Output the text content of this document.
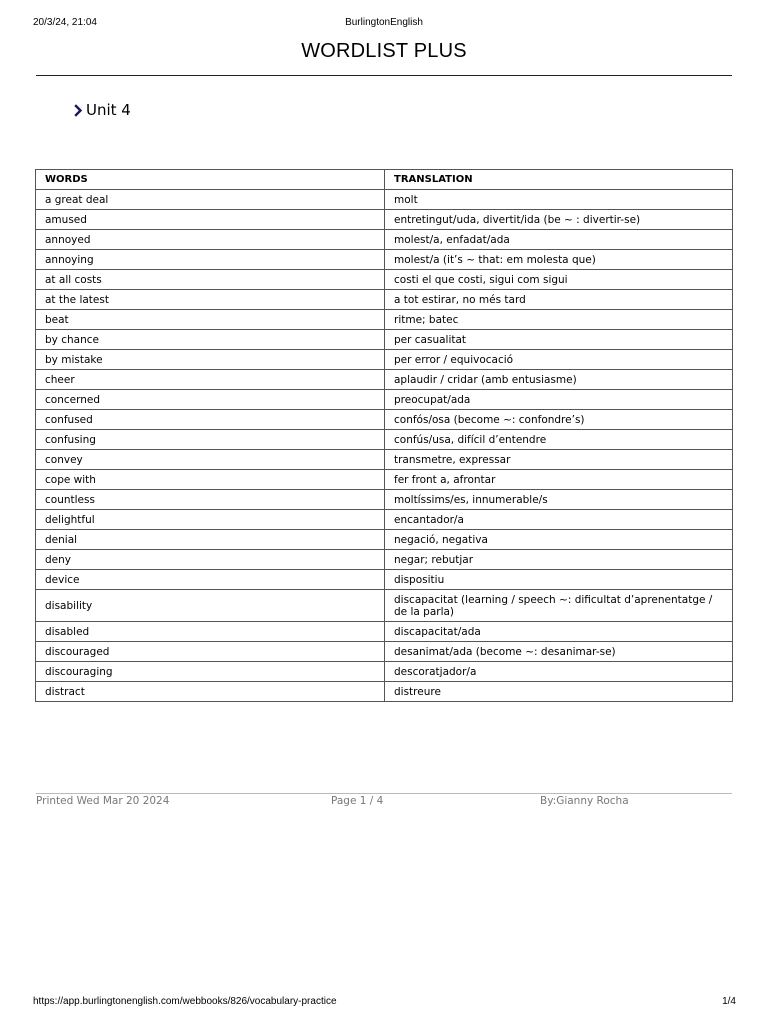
20/3/24, 21:04	BurlingtonEnglish
WORDLIST PLUS
Unit 4
WORDS	TRANSLATION
a great deal	molt
amused	entretingut/uda, divertit/ida (be ~ : divertir-se)
annoyed	molest/a, enfadat/ada
annoying	molest/a (it’s ~ that: em molesta que)
at all costs	costi el que costi, sigui com sigui
at the latest	a tot estirar, no més tard
beat	ritme; batec
by chance	per casualitat
by mistake	per error / equivocació
cheer	aplaudir / cridar (amb entusiasme)
concerned	preocupat/ada
confused	confós/osa (become ~: confondre’s)
confusing	confús/usa, difícil d’entendre
convey	transmetre, expressar
cope with	fer front a, afrontar
countless	moltíssims/es, innumerable/s
delightful	encantador/a
denial	negació, negativa
deny	negar; rebutjar
device	dispositiu
disability	discapacitat (learning / speech ~: dificultat d’aprenentatge / de la parla)
disabled	discapacitat/ada
discouraged	desanimat/ada (become ~: desanimar-se)
discouraging	descoratjador/a
distract	distreure
Printed Wed Mar 20 2024	Page 1 / 4	By:Gianny Rocha
https://app.burlingtonenglish.com/webbooks/826/vocabulary-practice	1/4
